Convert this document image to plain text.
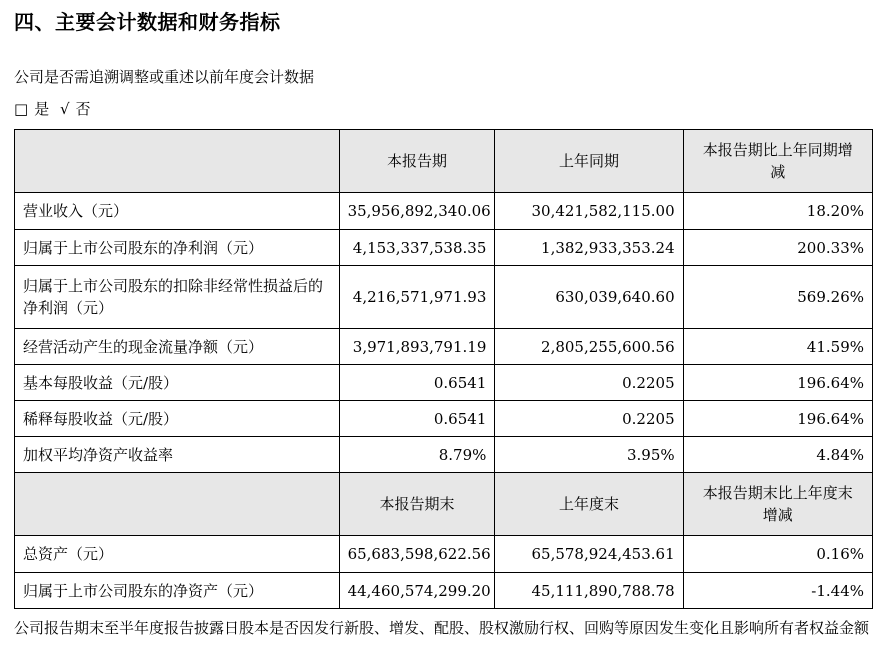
四、主要会计数据和财务指标
公司是否需追溯调整或重述以前年度会计数据
□ 是 √ 否
	本报告期	上年同期	本报告期比上年同期增减
营业收入（元）	35,956,892,340.06	30,421,582,115.00	18.20%
归属于上市公司股东的净利润（元）	4,153,337,538.35	1,382,933,353.24	200.33%
归属于上市公司股东的扣除非经常性损益后的净利润（元）	4,216,571,971.93	630,039,640.60	569.26%
经营活动产生的现金流量净额（元）	3,971,893,791.19	2,805,255,600.56	41.59%
基本每股收益（元/股）	0.6541	0.2205	196.64%
稀释每股收益（元/股）	0.6541	0.2205	196.64%
加权平均净资产收益率	8.79%	3.95%	4.84%
	本报告期末	上年度末	本报告期末比上年度末增减
总资产（元）	65,683,598,622.56	65,578,924,453.61	0.16%
归属于上市公司股东的净资产（元）	44,460,574,299.20	45,111,890,788.78	-1.44%
公司报告期末至半年度报告披露日股本是否因发行新股、增发、配股、股权激励行权、回购等原因发生变化且影响所有者权益金额
